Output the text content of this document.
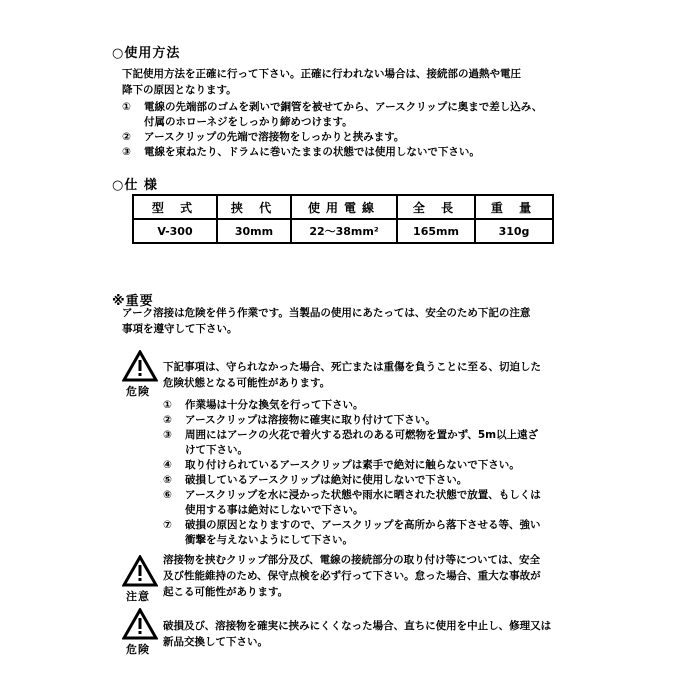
○使用方法
下記使用方法を正確に行って下さい。正確に行われない場合は、接続部の過熱や電圧
降下の原因となります。
①	電線の先端部のゴムを剥いで銅管を被せてから、アースクリップに奥まで差し込み、
付属のホローネジをしっかり締めつけます。
②	アースクリップの先端で溶接物をしっかりと挟みます。
③	電線を束ねたり、ドラムに巻いたままの状態では使用しないで下さい。
○仕 様
型 式	挟 代	使用電線	全 長	重 量
V-300	30mm	22～38mm²	165mm	310g
※重要
アーク溶接は危険を伴う作業です。当製品の使用にあたっては、安全のため下記の注意
事項を遵守して下さい。
危険
下記事項は、守られなかった場合、死亡または重傷を負うことに至る、切迫した
危険状態となる可能性があります。
①	作業場は十分な換気を行って下さい。
②	アースクリップは溶接物に確実に取り付けて下さい。
③	周囲にはアークの火花で着火する恐れのある可燃物を置かず、5m以上遠ざ
けて下さい。
④	取り付けられているアースクリップは素手で絶対に触らないで下さい。
⑤	破損しているアースクリップは絶対に使用しないで下さい。
⑥	アースクリップを水に浸かった状態や雨水に晒された状態で放置、もしくは
使用する事は絶対にしないで下さい。
⑦	破損の原因となりますので、アースクリップを高所から落下させる等、強い
衝撃を与えないようにして下さい。
注意
溶接物を挟むクリップ部分及び、電線の接続部分の取り付け等については、安全
及び性能維持のため、保守点検を必ず行って下さい。怠った場合、重大な事故が
起こる可能性があります。
危険
破損及び、溶接物を確実に挟みにくくなった場合、直ちに使用を中止し、修理又は
新品交換して下さい。
